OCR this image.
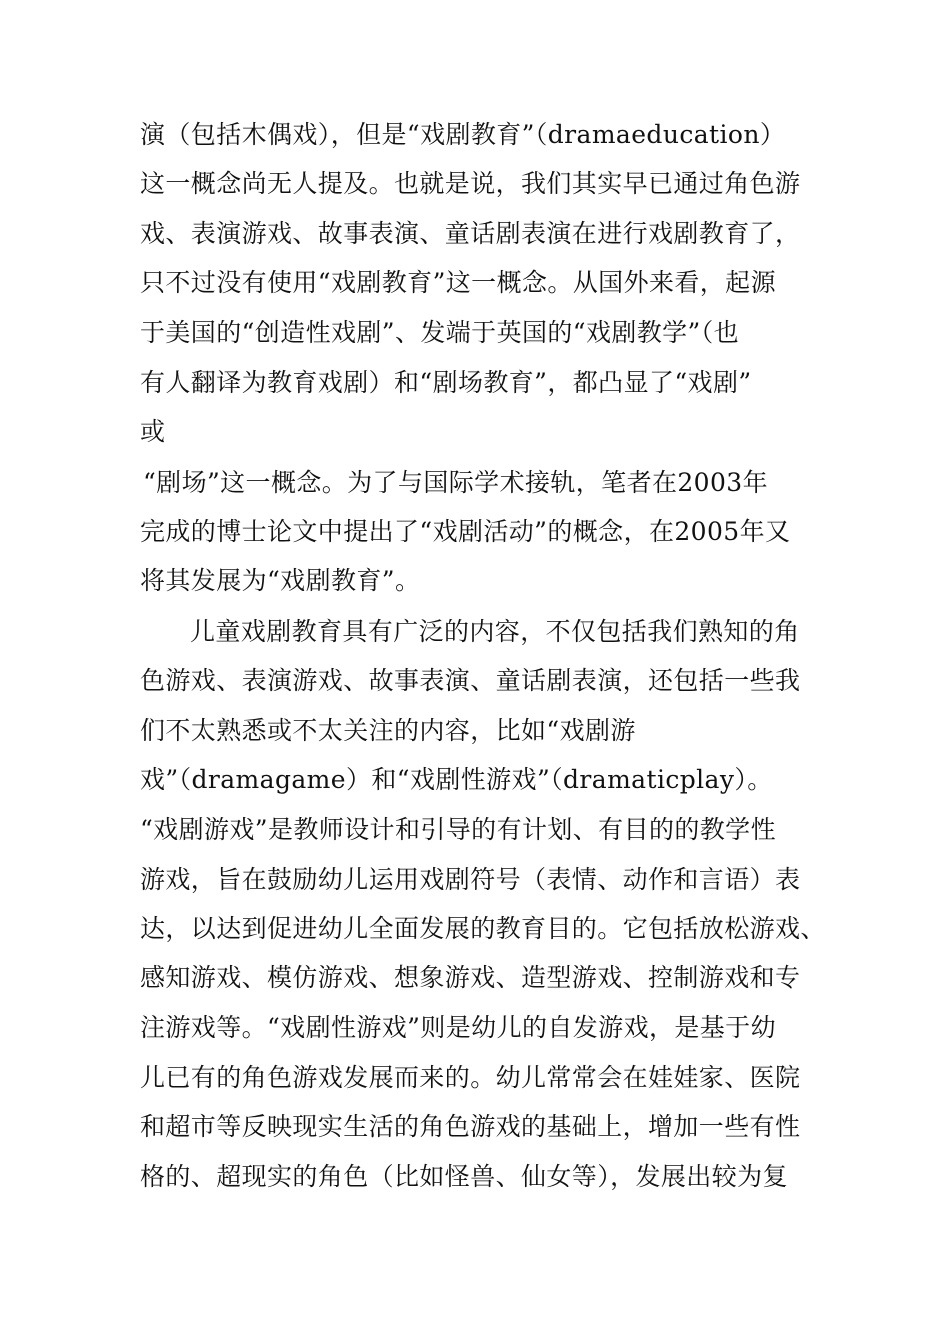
演（包括木偶戏），但是“戏剧教育”（dramaeducation）
这一概念尚无人提及。也就是说，我们其实早已通过角色游
戏、表演游戏、故事表演、童话剧表演在进行戏剧教育了，
只不过没有使用“戏剧教育”这一概念。从国外来看，起源
于美国的“创造性戏剧”、发端于英国的“戏剧教学”（也
有人翻译为教育戏剧）和“剧场教育”，都凸显了“戏剧”
或
“剧场”这一概念。为了与国际学术接轨，笔者在2003年
完成的博士论文中提出了“戏剧活动”的概念，在2005年又
将其发展为“戏剧教育”。
儿童戏剧教育具有广泛的内容，不仅包括我们熟知的角
色游戏、表演游戏、故事表演、童话剧表演，还包括一些我
们不太熟悉或不太关注的内容，比如“戏剧游
戏”（dramagame）和“戏剧性游戏”（dramaticplay）。
“戏剧游戏”是教师设计和引导的有计划、有目的的教学性
游戏，旨在鼓励幼儿运用戏剧符号（表情、动作和言语）表
达，以达到促进幼儿全面发展的教育目的。它包括放松游戏、
感知游戏、模仿游戏、想象游戏、造型游戏、控制游戏和专
注游戏等。“戏剧性游戏”则是幼儿的自发游戏，是基于幼
儿已有的角色游戏发展而来的。幼儿常常会在娃娃家、医院
和超市等反映现实生活的角色游戏的基础上，增加一些有性
格的、超现实的角色（比如怪兽、仙女等），发展出较为复
